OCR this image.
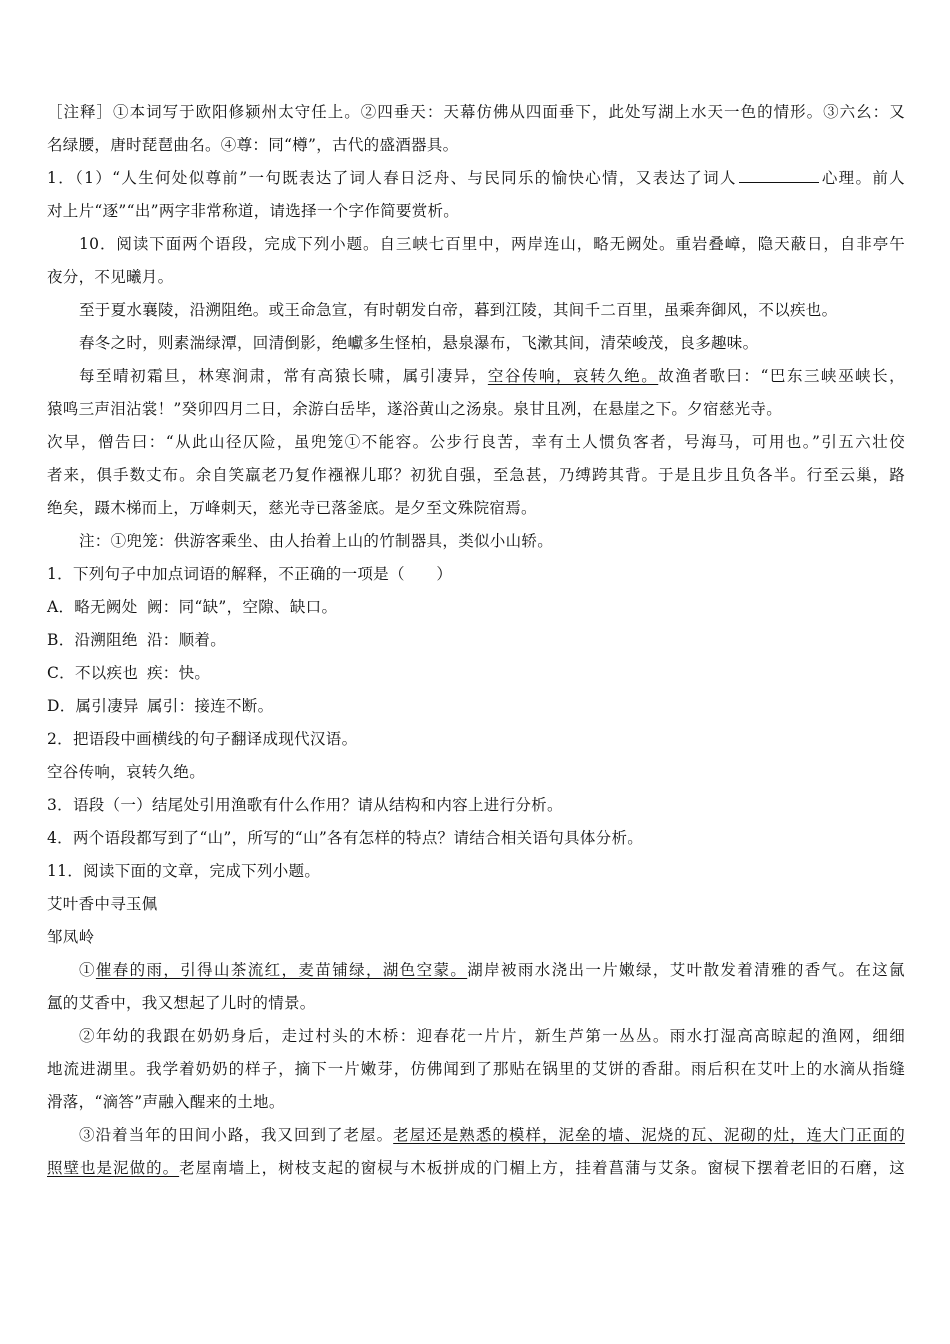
［注释］①本词写于欧阳修颍州太守任上。②四垂天：天幕仿佛从四面垂下，此处写湖上水天一色的情形。③六幺：又
名绿腰，唐时琵琶曲名。④尊：同“樽”，古代的盛酒器具。
1．（1）“人生何处似尊前”一句既表达了词人春日泛舟、与民同乐的愉快心情，又表达了词人	心理。前人
对上片“逐”“出”两字非常称道，请选择一个字作简要赏析。
10．阅读下面两个语段，完成下列小题。自三峡七百里中，两岸连山，略无阙处。重岩叠嶂，隐天蔽日，自非亭午
夜分，不见曦月。
至于夏水襄陵，沿溯阻绝。或王命急宣，有时朝发白帝，暮到江陵，其间千二百里，虽乘奔御风，不以疾也。
春冬之时，则素湍绿潭，回清倒影，绝巘多生怪柏，悬泉瀑布，飞漱其间，清荣峻茂，良多趣味。
每至晴初霜旦，林寒涧肃，常有高猿长啸，属引凄异，空谷传响，哀转久绝。故渔者歌曰：“巴东三峡巫峡长，
猿鸣三声泪沾裳！”癸卯四月二日，余游白岳毕，遂浴黄山之汤泉。泉甘且冽，在悬崖之下。夕宿慈光寺。
次早，僧告曰：“从此山径仄险，虽兜笼①不能容。公步行良苦，幸有土人惯负客者，号海马，可用也。”引五六壮佼
者来，俱手数丈布。余自笑羸老乃复作襁褓儿耶？初犹自强，至急甚，乃缚跨其背。于是且步且负各半。行至云巢，路
绝矣，蹑木梯而上，万峰刺天，慈光寺已落釜底。是夕至文殊院宿焉。
注：①兜笼：供游客乘坐、由人抬着上山的竹制器具，类似小山轿。
1．下列句子中加点词语的解释，不正确的一项是（　　）
A．略无阙处 阙：同“缺”，空隙、缺口。
B．沿溯阻绝 沿：顺着。
C．不以疾也 疾：快。
D．属引凄异 属引：接连不断。
2．把语段中画横线的句子翻译成现代汉语。
空谷传响，哀转久绝。
3．语段（一）结尾处引用渔歌有什么作用？请从结构和内容上进行分析。
4．两个语段都写到了“山”，所写的“山”各有怎样的特点？请结合相关语句具体分析。
11．阅读下面的文章，完成下列小题。
艾叶香中寻玉佩
邹凤岭
①催春的雨，引得山茶流红，麦苗铺绿，湖色空蒙。湖岸被雨水浇出一片嫩绿，艾叶散发着清雅的香气。在这氤
氲的艾香中，我又想起了儿时的情景。
②年幼的我跟在奶奶身后，走过村头的木桥：迎春花一片片，新生芦第一丛丛。雨水打湿高高晾起的渔网，细细
地流进湖里。我学着奶奶的样子，摘下一片嫩芽，仿佛闻到了那贴在锅里的艾饼的香甜。雨后积在艾叶上的水滴从指缝
滑落，“滴答”声融入醒来的土地。
③沿着当年的田间小路，我又回到了老屋。老屋还是熟悉的模样，泥垒的墙、泥烧的瓦、泥砌的灶，连大门正面的
照壁也是泥做的。老屋南墙上，树枝支起的窗棂与木板拼成的门楣上方，挂着菖蒲与艾条。窗棂下摆着老旧的石磨，这
